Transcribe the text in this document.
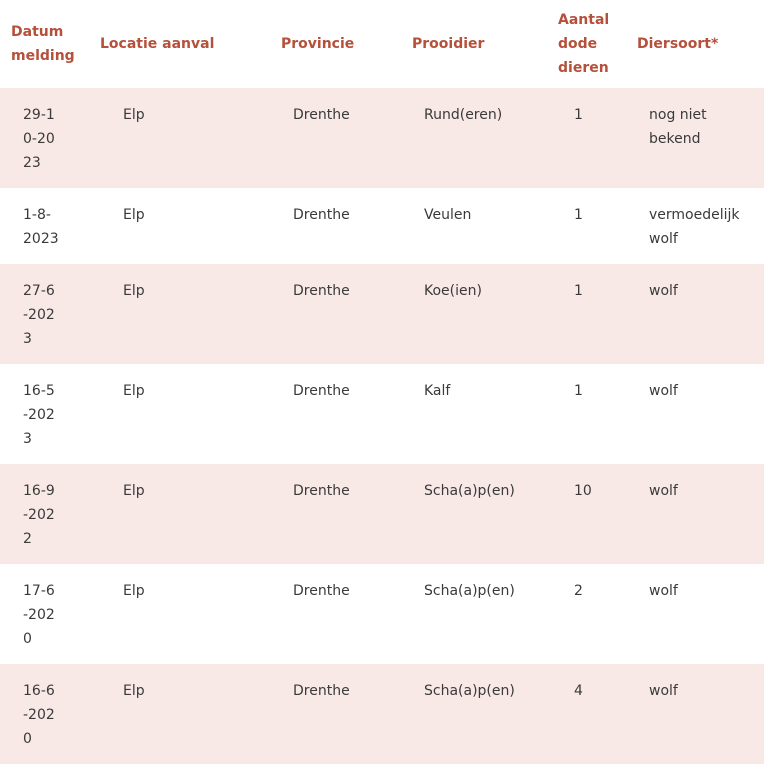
Datum melding	Locatie aanval	Provincie	Prooidier	Aantal dode dieren	Diersoort*

29-10-2023	Elp	Drenthe	Rund(eren)	1	nog niet bekend

1-8-2023	Elp	Drenthe	Veulen	1	vermoedelijk wolf

27-6-2023	Elp	Drenthe	Koe(ien)	1	wolf

16-5-2023	Elp	Drenthe	Kalf	1	wolf

16-9-2022	Elp	Drenthe	Scha(a)p(en)	10	wolf

17-6-2020	Elp	Drenthe	Scha(a)p(en)	2	wolf

16-6-2020	Elp	Drenthe	Scha(a)p(en)	4	wolf
